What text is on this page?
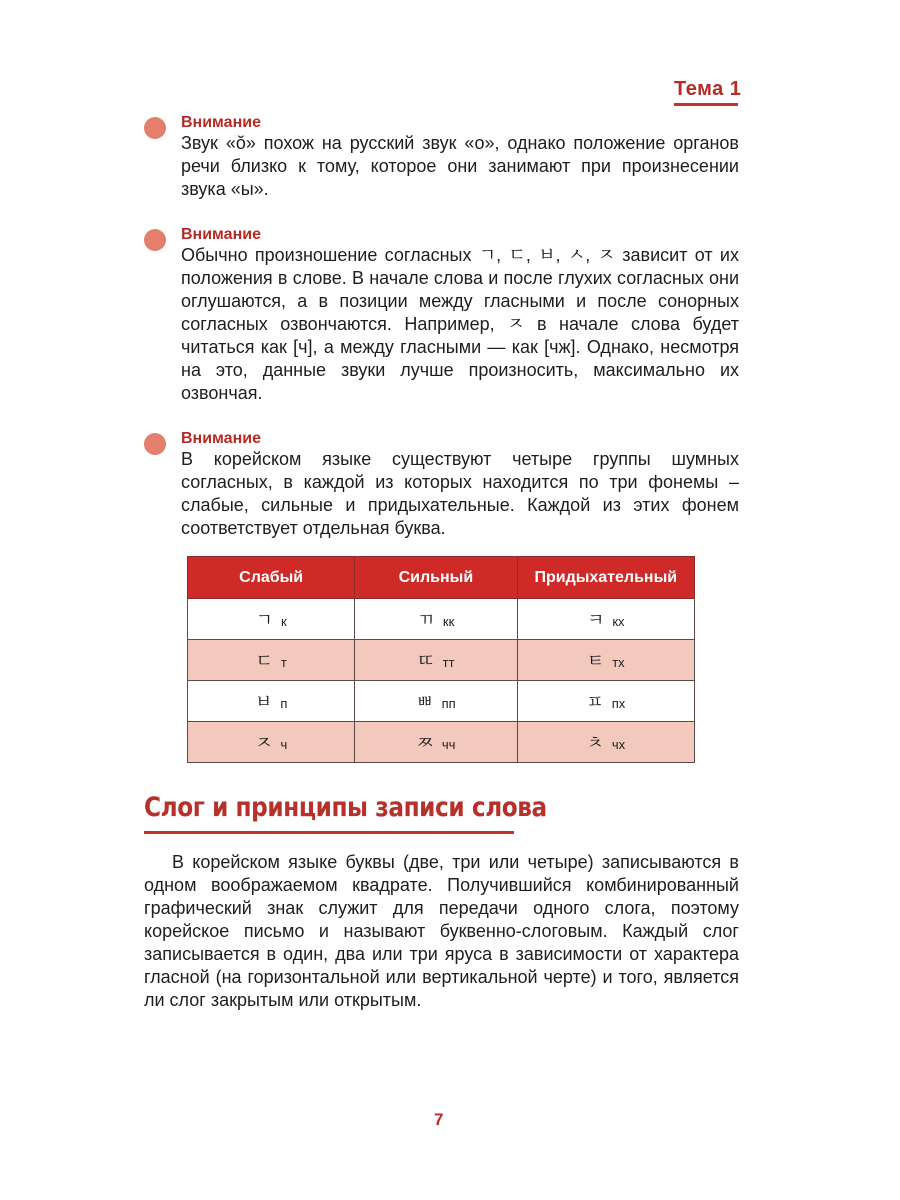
Тема 1
Внимание

Звук «ŏ» похож на русский звук «о», однако положение органов речи близко к тому, которое они занимают при произнесении звука «ы».

Внимание

Обычно произношение согласных ㄱ, ㄷ, ㅂ, ㅅ, ㅈ зависит от их положения в слове. В начале слова и после глухих согласных они оглушаются, а в позиции между гласными и после сонорных согласных озвончаются. Например, ㅈ в начале слова будет читаться как [ч], а между гласными — как [чж]. Однако, несмотря на это, данные звуки лучше произносить, максимально их озвончая.

Внимание

В корейском языке существуют четыре группы шумных согласных, в каждой из которых находится по три фонемы – слабые, сильные и придыхательные. Каждой из этих фонем соответствует отдельная буква.

Слабый	Сильный	Придыхательный
ㄱ к	ㄲ кк	ㅋ кх
ㄷ т	ㄸ тт	ㅌ тх
ㅂ п	ㅃ пп	ㅍ пх
ㅈ ч	ㅉ чч	ㅊ чх
Слог и принципы записи слова

В корейском языке буквы (две, три или четыре) записываются в одном воображаемом квадрате. Получившийся комбинированный графический знак служит для передачи одного слога, поэтому корейское письмо и называют буквенно-слоговым. Каждый слог записывается в один, два или три яруса в зависимости от характера гласной (на горизонтальной или вертикальной черте) и того, является ли слог закрытым или открытым.

7
